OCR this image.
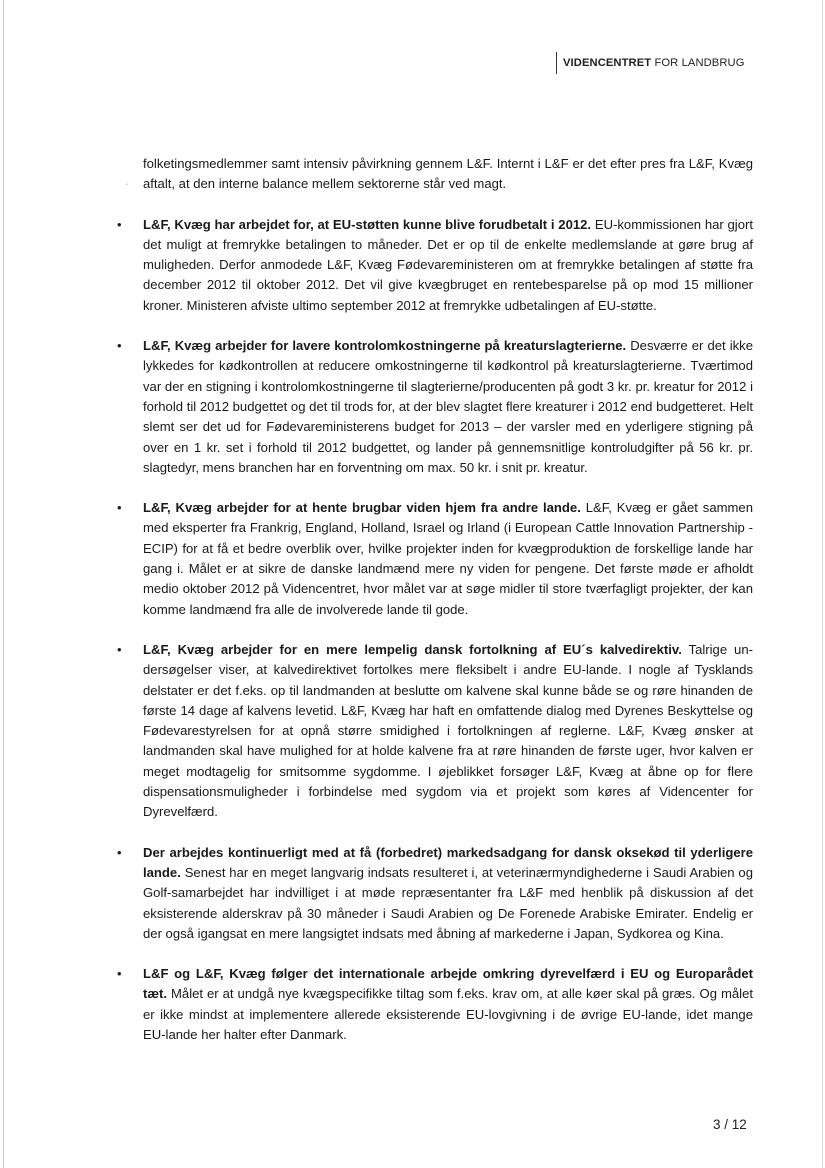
VIDENCENTRET FOR LANDBRUG
´

folketingsmedlemmer samt intensiv påvirkning gennem L&F. Internt i L&F er det efter pres fra L&F, Kvæg aftalt, at den interne balance mellem sektorerne står ved magt.

•	L&F, Kvæg har arbejdet for, at EU-støtten kunne blive forudbetalt i 2012. EU-kommissionen har gjort det muligt at fremrykke betalingen to måneder. Det er op til de enkelte medlemslande at gøre brug af muligheden. Derfor anmodede L&F, Kvæg Fødevareministeren om at fremrykke betalingen af støtte fra december 2012 til oktober 2012. Det vil give kvægbruget en rentebesparelse på op mod 15 millioner kroner. Ministeren afviste ultimo september 2012 at fremrykke udbetalingen af EU-støtte.

•	L&F, Kvæg arbejder for lavere kontrolomkostningerne på kreaturslagterierne. Desværre er det ikke lykkedes for kødkontrollen at reducere omkostningerne til kødkontrol på kreaturslagterierne. Tværtimod var der en stigning i kontrolomkostningerne til slagterierne/producenten på godt 3 kr. pr. kreatur for 2012 i forhold til 2012 budgettet og det til trods for, at der blev slagtet flere kreaturer i 2012 end budgetteret. Helt slemt ser det ud for Fødevareministerens budget for 2013 – der varsler med en yderligere stigning på over en 1 kr. set i forhold til 2012 budgettet, og lander på gennemsnitlige kontroludgifter på 56 kr. pr. slagtedyr, mens branchen har en forventning om max. 50 kr. i snit pr. kreatur.

•	L&F, Kvæg arbejder for at hente brugbar viden hjem fra andre lande. L&F, Kvæg er gået sammen med eksperter fra Frankrig, England, Holland, Israel og Irland (i European Cattle Innovation Partnership - ECIP) for at få et bedre overblik over, hvilke projekter inden for kvægproduktion de forskellige lande har gang i. Målet er at sikre de danske landmænd mere ny viden for pengene. Det første møde er afholdt medio oktober 2012 på Videncentret, hvor målet var at søge midler til store tværfagligt projekter, der kan komme landmænd fra alle de involverede lande til gode.

•	L&F, Kvæg arbejder for en mere lempelig dansk fortolkning af EU´s kalvedirektiv. Talrige undersøgelser viser, at kalvedirektivet fortolkes mere fleksibelt i andre EU-lande. I nogle af Tysklands delstater er det f.eks. op til landmanden at beslutte om kalvene skal kunne både se og røre hinanden de første 14 dage af kalvens levetid. L&F, Kvæg har haft en omfattende dialog med Dyrenes Beskyttelse og Fødevarestyrelsen for at opnå større smidighed i fortolkningen af reglerne. L&F, Kvæg ønsker at landmanden skal have mulighed for at holde kalvene fra at røre hinanden de første uger, hvor kalven er meget modtagelig for smitsomme sygdomme. I øjeblikket forsøger L&F, Kvæg at åbne op for flere dispensationsmuligheder i forbindelse med sygdom via et projekt som køres af Videncenter for Dyrevelfærd.

•	Der arbejdes kontinuerligt med at få (forbedret) markedsadgang for dansk oksekød til yderligere lande. Senest har en meget langvarig indsats resulteret i, at veterinærmyndighederne i Saudi Arabien og Golf-samarbejdet har indvilliget i at møde repræsentanter fra L&F med henblik på diskussion af det eksisterende alderskrav på 30 måneder i Saudi Arabien og De Forenede Arabiske Emirater. Endelig er der også igangsat en mere langsigtet indsats med åbning af markederne i Japan, Sydkorea og Kina.

•	L&F og L&F, Kvæg følger det internationale arbejde omkring dyrevelfærd i EU og Europarådet tæt. Målet er at undgå nye kvægspecifikke tiltag som f.eks. krav om, at alle køer skal på græs. Og målet er ikke mindst at implementere allerede eksisterende EU-lovgivning i de øvrige EU-lande, idet mange EU-lande her halter efter Danmark.

3 / 12
